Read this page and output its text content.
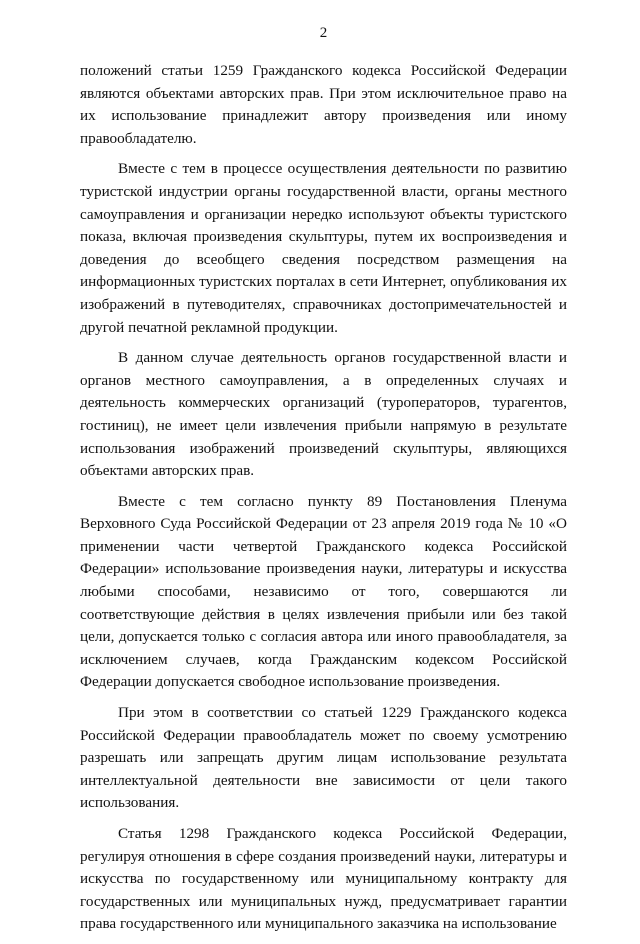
2

положений статьи 1259 Гражданского кодекса Российской Федерации являются объектами авторских прав. При этом исключительное право на их использование принадлежит автору произведения или иному правообладателю.

Вместе с тем в процессе осуществления деятельности по развитию туристской индустрии органы государственной власти, органы местного самоуправления и организации нередко используют объекты туристского показа, включая произведения скульптуры, путем их воспроизведения и доведения до всеобщего сведения посредством размещения на информационных туристских порталах в сети Интернет, опубликования их изображений в путеводителях, справочниках достопримечательностей и другой печатной рекламной продукции.

В данном случае деятельность органов государственной власти и органов местного самоуправления, а в определенных случаях и деятельность коммерческих организаций (туроператоров, турагентов, гостиниц), не имеет цели извлечения прибыли напрямую в результате использования изображений произведений скульптуры, являющихся объектами авторских прав.

Вместе с тем согласно пункту 89 Постановления Пленума Верховного Суда Российской Федерации от 23 апреля 2019 года № 10 «О применении части четвертой Гражданского кодекса Российской Федерации» использование произведения науки, литературы и искусства любыми способами, независимо от того, совершаются ли соответствующие действия в целях извлечения прибыли или без такой цели, допускается только с согласия автора или иного правообладателя, за исключением случаев, когда Гражданским кодексом Российской Федерации допускается свободное использование произведения.

При этом в соответствии со статьей 1229 Гражданского кодекса Российской Федерации правообладатель может по своему усмотрению разрешать или запрещать другим лицам использование результата интеллектуальной деятельности вне зависимости от цели такого использования.

Статья 1298 Гражданского кодекса Российской Федерации, регулируя отношения в сфере создания произведений науки, литературы и искусства по государственному или муниципальному контракту для государственных или муниципальных нужд, предусматривает гарантии права государственного или муниципального заказчика на использование
